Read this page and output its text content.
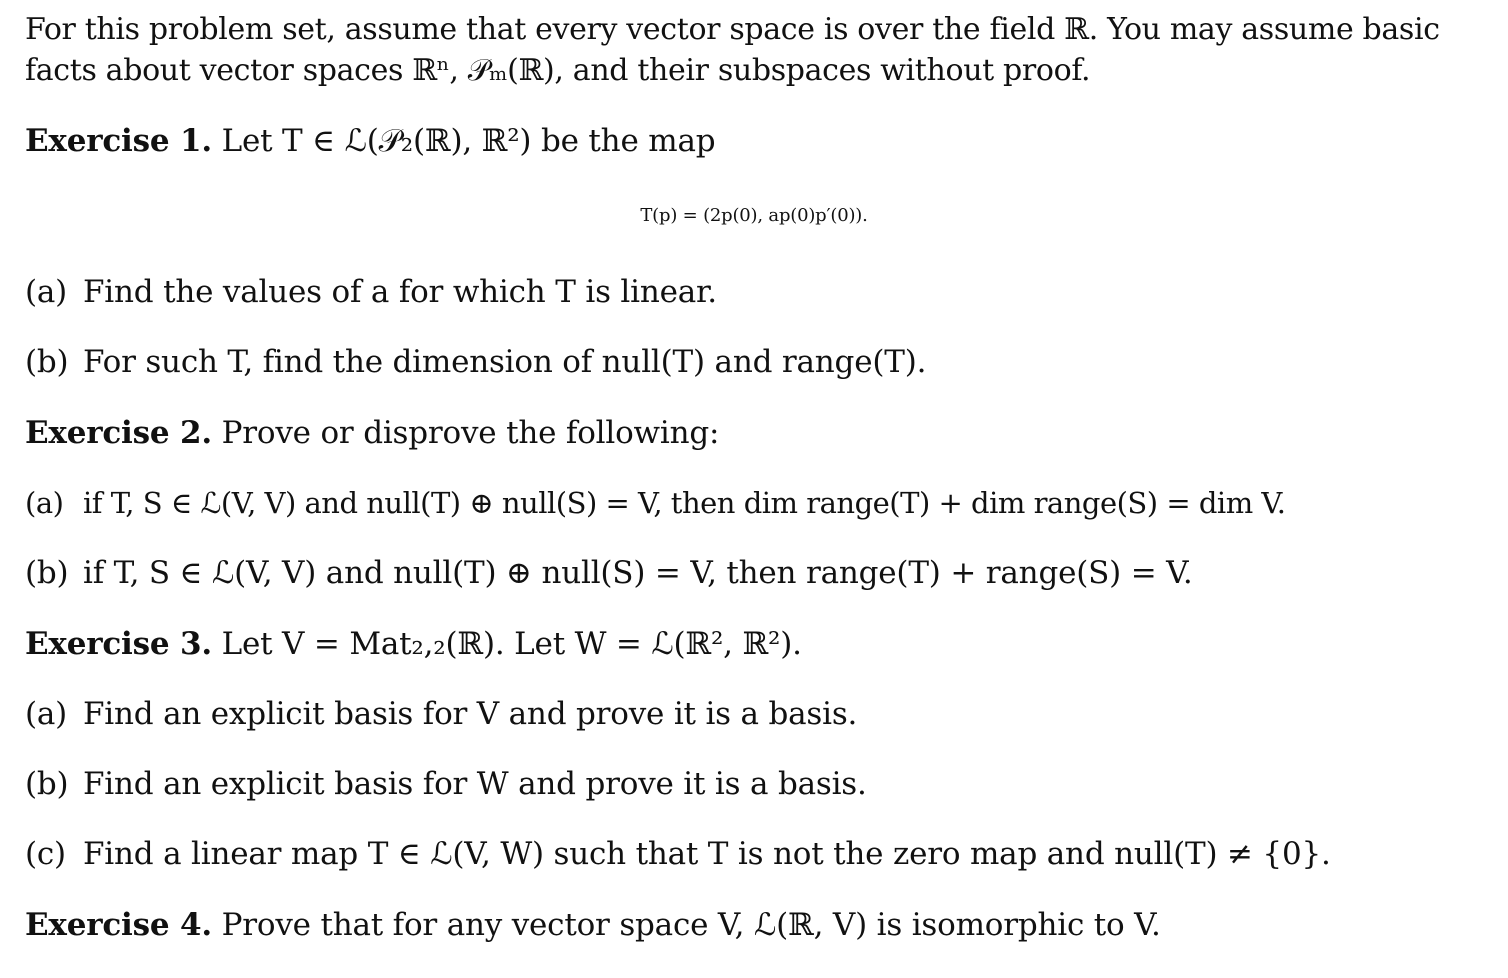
For this problem set, assume that every vector space is over the field ℝ. You may assume basic
facts about vector spaces ℝⁿ, 𝒫ₘ(ℝ), and their subspaces without proof.
Exercise 1. Let T ∈ ℒ(𝒫₂(ℝ), ℝ²) be the map
T(p) = (2p(0), ap(0)p′(0)).
(a) Find the values of a for which T is linear.
(b) For such T, find the dimension of null(T) and range(T).
Exercise 2. Prove or disprove the following:
(a) if T, S ∈ ℒ(V, V) and null(T) ⊕ null(S) = V, then dim range(T) + dim range(S) = dim V.
(b) if T, S ∈ ℒ(V, V) and null(T) ⊕ null(S) = V, then range(T) + range(S) = V.
Exercise 3. Let V = Mat₂,₂(ℝ). Let W = ℒ(ℝ², ℝ²).
(a) Find an explicit basis for V and prove it is a basis.
(b) Find an explicit basis for W and prove it is a basis.
(c) Find a linear map T ∈ ℒ(V, W) such that T is not the zero map and null(T) ≠ {0}.
Exercise 4. Prove that for any vector space V, ℒ(ℝ, V) is isomorphic to V.
